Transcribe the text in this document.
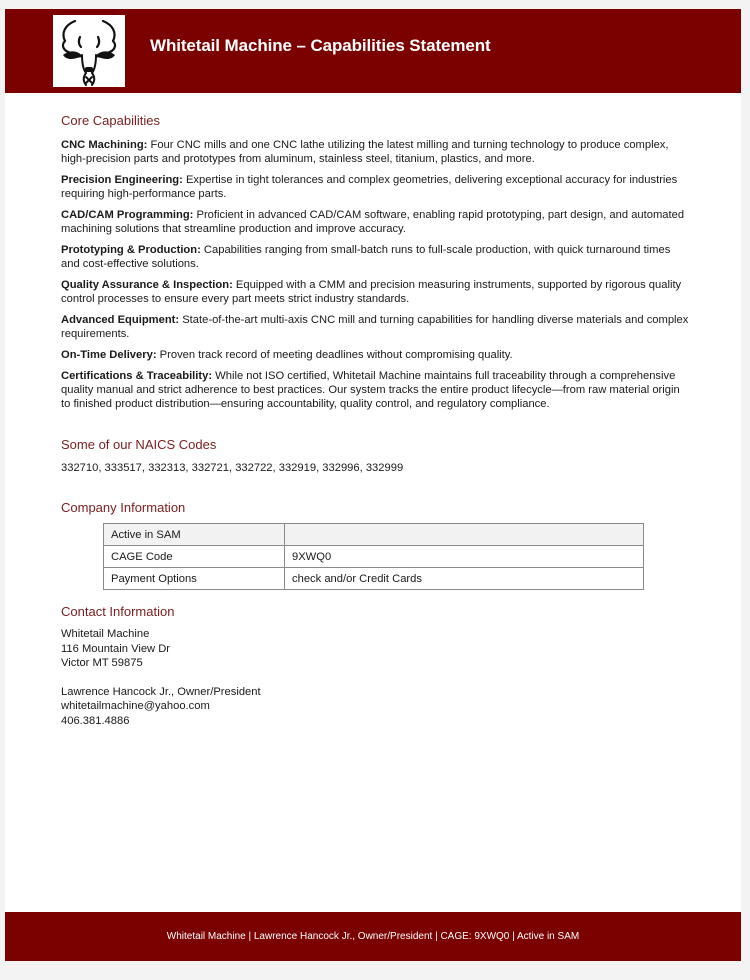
Whitetail Machine – Capabilities Statement
Core Capabilities

CNC Machining: Four CNC mills and one CNC lathe utilizing the latest milling and turning technology to produce complex, high-precision parts and prototypes from aluminum, stainless steel, titanium, plastics, and more.

Precision Engineering: Expertise in tight tolerances and complex geometries, delivering exceptional accuracy for industries requiring high-performance parts.

CAD/CAM Programming: Proficient in advanced CAD/CAM software, enabling rapid prototyping, part design, and automated machining solutions that streamline production and improve accuracy.

Prototyping & Production: Capabilities ranging from small-batch runs to full-scale production, with quick turnaround times and cost-effective solutions.

Quality Assurance & Inspection: Equipped with a CMM and precision measuring instruments, supported by rigorous quality control processes to ensure every part meets strict industry standards.

Advanced Equipment: State-of-the-art multi-axis CNC mill and turning capabilities for handling diverse materials and complex requirements.

On-Time Delivery: Proven track record of meeting deadlines without compromising quality.

Certifications & Traceability: While not ISO certified, Whitetail Machine maintains full traceability through a comprehensive quality manual and strict adherence to best practices. Our system tracks the entire product lifecycle—from raw material origin to finished product distribution—ensuring accountability, quality control, and regulatory compliance.

Some of our NAICS Codes

332710, 333517, 332313, 332721, 332722, 332919, 332996, 332999

Company Information
Active in SAM	
CAGE Code	9XWQ0
Payment Options	check and/or Credit Cards
Contact Information
Whitetail Machine
116 Mountain View Dr
Victor MT 59875
Lawrence Hancock Jr., Owner/President
whitetailmachine@yahoo.com
406.381.4886
Whitetail Machine | Lawrence Hancock Jr., Owner/President | CAGE: 9XWQ0 | Active in SAM
